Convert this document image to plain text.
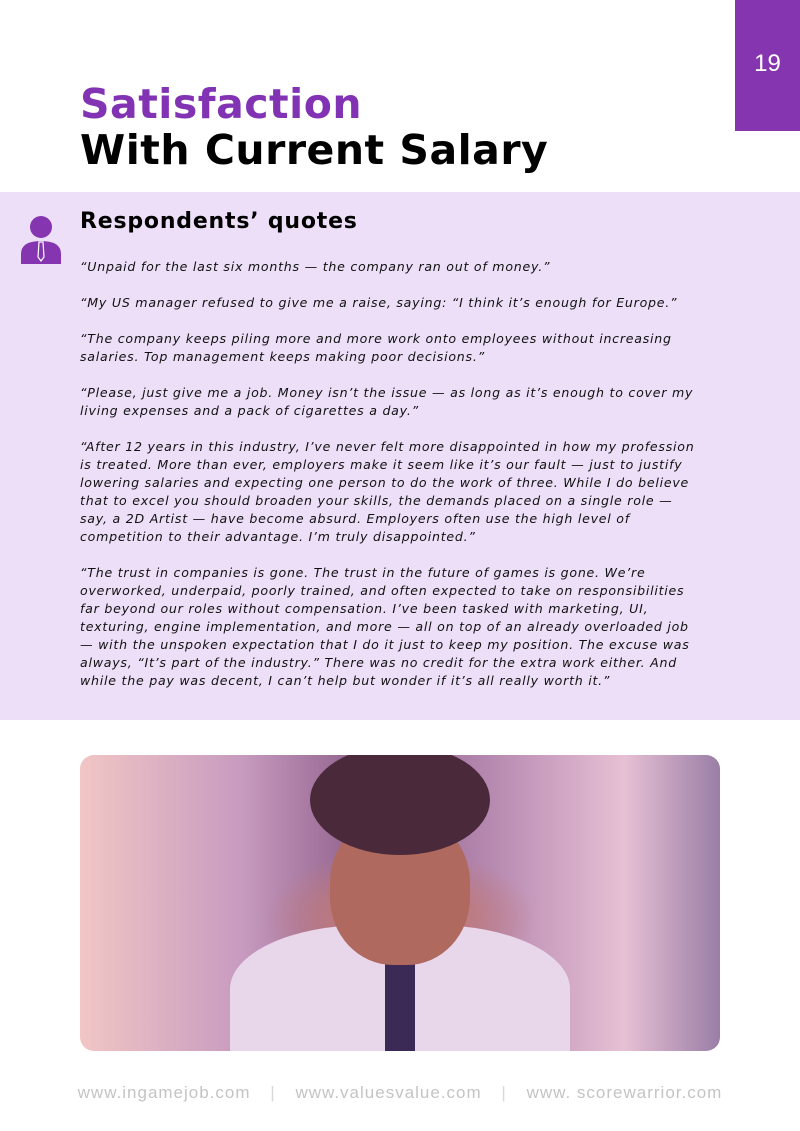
19
Satisfaction
With Current Salary
Respondents’ quotes
“Unpaid for the last six months — the company ran out of money.”
“My US manager refused to give me a raise, saying: “I think it’s enough for Europe.”
“The company keeps piling more and more work onto employees without increasing
salaries. Top management keeps making poor decisions.”
“Please, just give me a job. Money isn’t the issue — as long as it’s enough to cover my
living expenses and a pack of cigarettes a day.”
“After 12 years in this industry, I’ve never felt more disappointed in how my profession
is treated. More than ever, employers make it seem like it’s our fault — just to justify
lowering salaries and expecting one person to do the work of three. While I do believe
that to excel you should broaden your skills, the demands placed on a single role —
say, a 2D Artist — have become absurd. Employers often use the high level of
competition to their advantage. I’m truly disappointed.”
“The trust in companies is gone. The trust in the future of games is gone. We’re
overworked, underpaid, poorly trained, and often expected to take on responsibilities
far beyond our roles without compensation. I’ve been tasked with marketing, UI,
texturing, engine implementation, and more — all on top of an already overloaded job
— with the unspoken expectation that I do it just to keep my position. The excuse was
always, “It’s part of the industry.” There was no credit for the extra work either. And
while the pay was decent, I can’t help but wonder if it’s all really worth it.”
www.ingamejob.com | www.valuesvalue.com | www. scorewarrior.com
